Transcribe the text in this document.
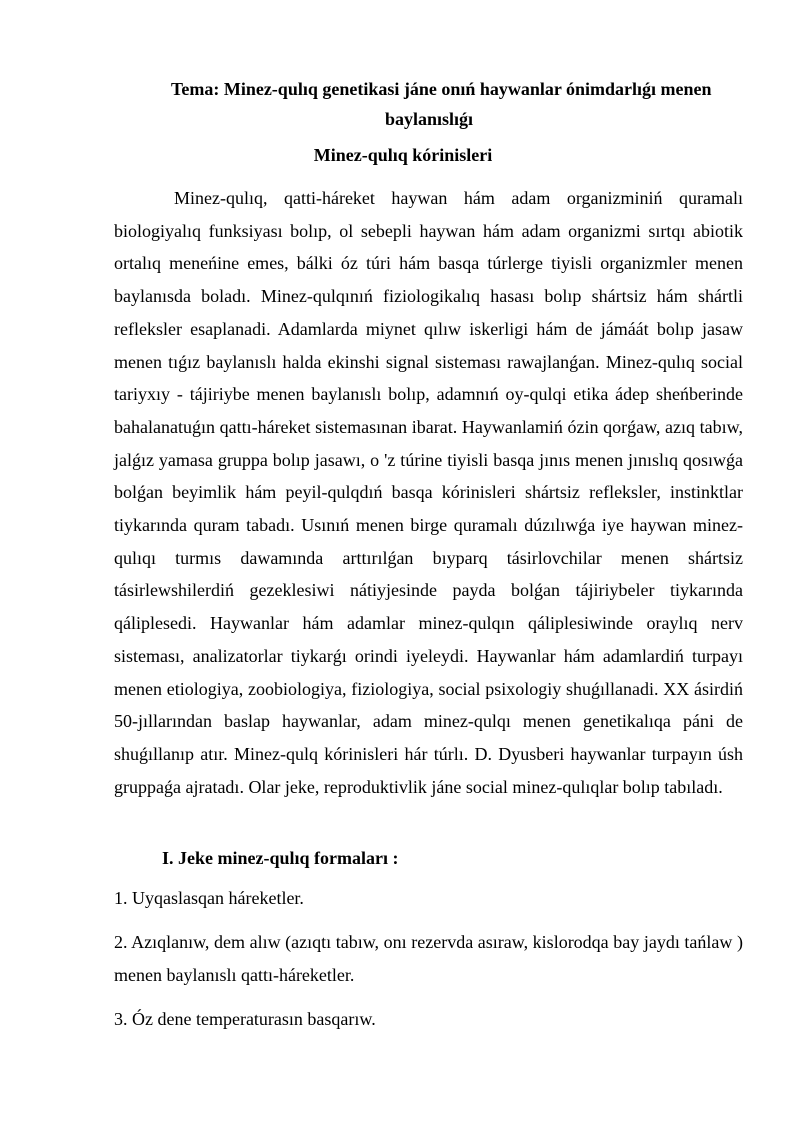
Tema: Minez-qulıq genetikasi jáne onıń haywanlar ónimdarlıǵı menen
baylanıslıǵı
Minez-qulıq kórinisleri

Minez-qulıq, qatti-háreket haywan hám adam organizminiń quramalı biologiyalıq funksiyası bolıp, ol sebepli haywan hám adam organizmi sırtqı abiotik ortalıq meneńine emes, bálki óz túri hám basqa túrlerge tiyisli organizmler menen baylanısda boladı. Minez-qulqınıń fiziologikalıq hasası bolıp shártsiz hám shártli refleksler esaplanadi. Adamlarda miynet qılıw iskerligi hám de jámáát bolıp jasaw menen tıǵız baylanıslı halda ekinshi signal sisteması rawajlanǵan. Minez-qulıq social tariyxıy - tájiriybe menen baylanıslı bolıp, adamnıń oy-qulqi etika ádep sheńberinde bahalanatuǵın qattı-háreket sistemasınan ibarat. Haywanlamiń ózin qorǵaw, azıq tabıw, jalǵız yamasa gruppa bolıp jasawı, o 'z túrine tiyisli basqa jınıs menen jınıslıq qosıwǵa bolǵan beyimlik hám peyil-qulqdıń basqa kórinisleri shártsiz refleksler, instinktlar tiykarında quram tabadı. Usınıń menen birge quramalı dúzılıwǵa iye haywan minez-qulıqı turmıs dawamında arttırılǵan bıyparq tásirlovchilar menen shártsiz tásirlewshilerdiń gezeklesiwi nátiyjesinde payda bolǵan tájiriybeler tiykarında qáliplesedi. Haywanlar hám adamlar minez-qulqın qáliplesiwinde oraylıq nerv sisteması, analizatorlar tiykarǵı orindi iyeleydi. Haywanlar hám adamlardiń turpayı menen etiologiya, zoobiologiya, fiziologiya, social psixologiy shuǵıllanadi. XX ásirdiń 50-jıllarından baslap haywanlar, adam minez-qulqı menen genetikalıqa páni de shuǵıllanıp atır. Minez-qulq kórinisleri hár túrlı. D. Dyusberi haywanlar turpayın úsh gruppaǵa ajratadı. Olar jeke, reproduktivlik jáne social minez-qulıqlar bolıp tabıladı.

I. Jeke minez-qulıq formaları :

1. Uyqaslasqan háreketler.

2. Azıqlanıw, dem alıw (azıqtı tabıw, onı rezervda asıraw, kislorodqa bay jaydı tańlaw ) menen baylanıslı qattı-háreketler.

3. Óz dene temperaturasın basqarıw.
